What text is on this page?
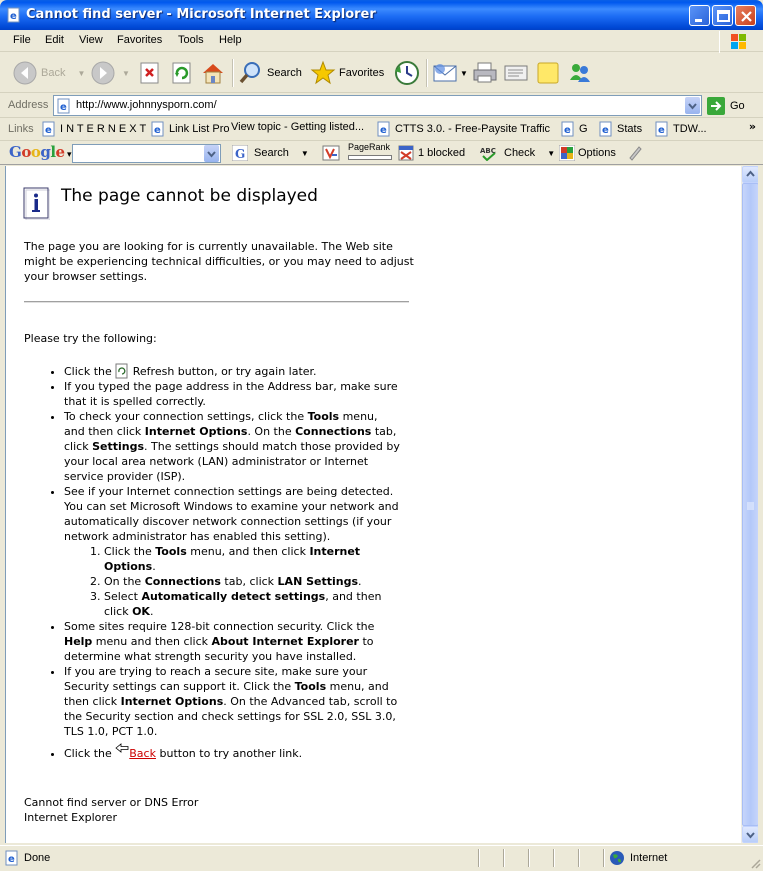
e Cannot find server - Microsoft Internet Explorer
File Edit View Favorites Tools Help
Back ▼	▼	Search	Favorites	▼
Address e http://www.johnnysporn.com/	Go
Links e I N T E R N E X T e Link List Pro View topic - Getting listed... e CTTS 3.0. - Free-Paysite Traffic e G e Stats e TDW...	»
Google ▾	G Search ▼
PageRank	1 blocked ABC Check ▼ Options
The page cannot be displayed
The page you are looking for is currently unavailable. The Web site might be experiencing technical difficulties, or you may need to adjust your browser settings.
Please try the following:
• Click the Refresh button, or try again later.
• If you typed the page address in the Address bar, make sure that it is spelled correctly.
• To check your connection settings, click the Tools menu, and then click Internet Options. On the Connections tab, click Settings. The settings should match those provided by your local area network (LAN) administrator or Internet service provider (ISP).
• See if your Internet connection settings are being detected. You can set Microsoft Windows to examine your network and automatically discover network connection settings (if your network administrator has enabled this setting).
1. Click the Tools menu, and then click Internet Options.
2. On the Connections tab, click LAN Settings.
3. Select Automatically detect settings, and then click OK.
• Some sites require 128-bit connection security. Click the Help menu and then click About Internet Explorer to determine what strength security you have installed.
• If you are trying to reach a secure site, make sure your Security settings can support it. Click the Tools menu, and then click Internet Options. On the Advanced tab, scroll to the Security section and check settings for SSL 2.0, SSL 3.0, TLS 1.0, PCT 1.0.
• Click the Back button to try another link.
Cannot find server or DNS Error
Internet Explorer
e Done	Internet
